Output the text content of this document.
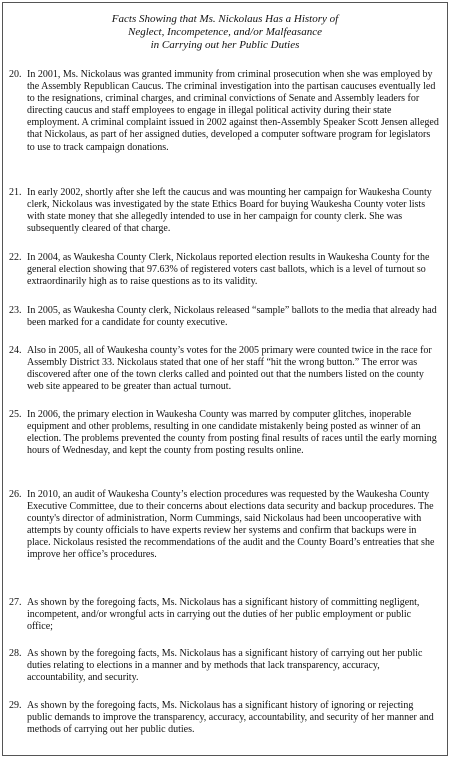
Facts Showing that Ms. Nickolaus Has a History of
Neglect, Incompetence, and/or Malfeasance
in Carrying out her Public Duties
20. In 2001, Ms. Nickolaus was granted immunity from criminal prosecution when she was employed by the Assembly Republican Caucus. The criminal investigation into the partisan caucuses eventually led to the resignations, criminal charges, and criminal convictions of Senate and Assembly leaders for directing caucus and staff employees to engage in illegal political activity during their state employment. A criminal complaint issued in 2002 against then-Assembly Speaker Scott Jensen alleged that Nickolaus, as part of her assigned duties, developed a computer software program for legislators to use to track campaign donations.
21. In early 2002, shortly after she left the caucus and was mounting her campaign for Waukesha County clerk, Nickolaus was investigated by the state Ethics Board for buying Waukesha County voter lists with state money that she allegedly intended to use in her campaign for county clerk. She was subsequently cleared of that charge.
22. In 2004, as Waukesha County Clerk, Nickolaus reported election results in Waukesha County for the general election showing that 97.63% of registered voters cast ballots, which is a level of turnout so extraordinarily high as to raise questions as to its validity.
23. In 2005, as Waukesha County clerk, Nickolaus released “sample” ballots to the media that already had been marked for a candidate for county executive.
24. Also in 2005, all of Waukesha county’s votes for the 2005 primary were counted twice in the race for Assembly District 33. Nickolaus stated that one of her staff “hit the wrong button.” The error was discovered after one of the town clerks called and pointed out that the numbers listed on the county web site appeared to be greater than actual turnout.
25. In 2006, the primary election in Waukesha County was marred by computer glitches, inoperable equipment and other problems, resulting in one candidate mistakenly being posted as winner of an election. The problems prevented the county from posting final results of races until the early morning hours of Wednesday, and kept the county from posting results online.
26. In 2010, an audit of Waukesha County’s election procedures was requested by the Waukesha County Executive Committee, due to their concerns about elections data security and backup procedures. The county's director of administration, Norm Cummings, said Nickolaus had been uncooperative with attempts by county officials to have experts review her systems and confirm that backups were in place. Nickolaus resisted the recommendations of the audit and the County Board’s entreaties that she improve her office’s procedures.
27. As shown by the foregoing facts, Ms. Nickolaus has a significant history of committing negligent, incompetent, and/or wrongful acts in carrying out the duties of her public employment or public office;
28. As shown by the foregoing facts, Ms. Nickolaus has a significant history of carrying out her public duties relating to elections in a manner and by methods that lack transparency, accuracy, accountability, and security.
29. As shown by the foregoing facts, Ms. Nickolaus has a significant history of ignoring or rejecting public demands to improve the transparency, accuracy, accountability, and security of her manner and methods of carrying out her public duties.
